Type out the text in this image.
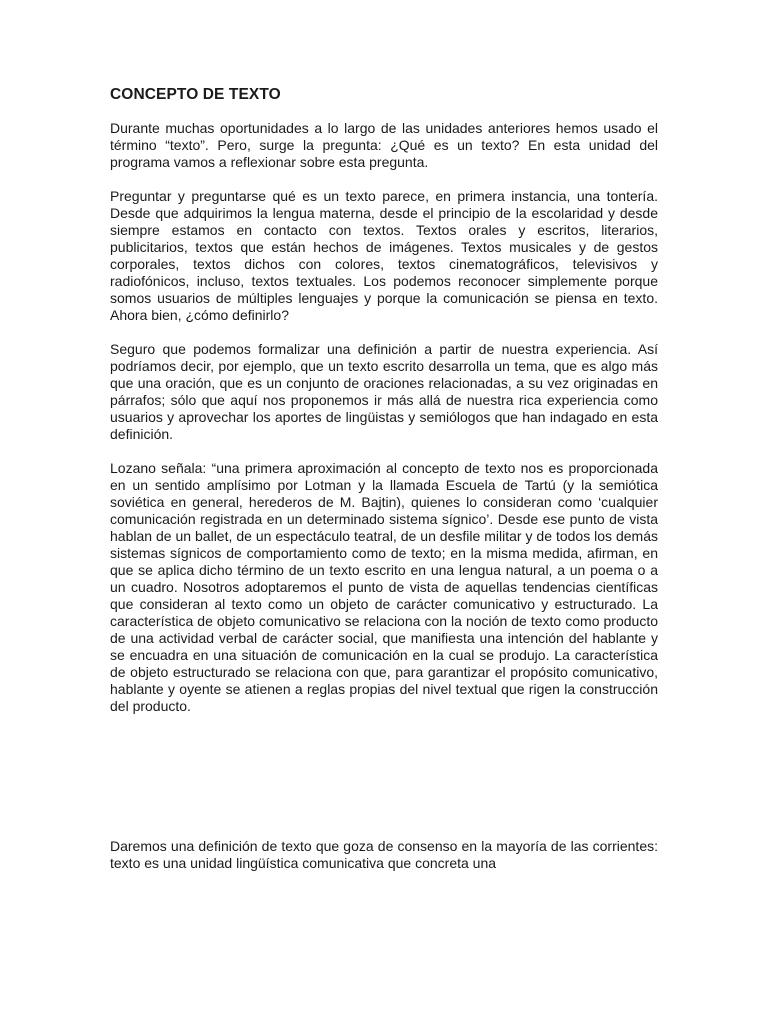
CONCEPTO DE TEXTO

Durante muchas oportunidades a lo largo de las unidades anteriores hemos usado el término “texto”. Pero, surge la pregunta: ¿Qué es un texto? En esta unidad del programa vamos a reflexionar sobre esta pregunta.

Preguntar y preguntarse qué es un texto parece, en primera instancia, una tontería. Desde que adquirimos la lengua materna, desde el principio de la escolaridad y desde siempre estamos en contacto con textos. Textos orales y escritos, literarios, publicitarios, textos que están hechos de imágenes. Textos musicales y de gestos corporales, textos dichos con colores, textos cinematográficos, televisivos y radiofónicos, incluso, textos textuales. Los podemos reconocer simplemente porque somos usuarios de múltiples lenguajes y porque la comunicación se piensa en texto. Ahora bien, ¿cómo definirlo?

Seguro que podemos formalizar una definición a partir de nuestra experiencia. Así podríamos decir, por ejemplo, que un texto escrito desarrolla un tema, que es algo más que una oración, que es un conjunto de oraciones relacionadas, a su vez originadas en párrafos; sólo que aquí nos proponemos ir más allá de nuestra rica experiencia como usuarios y aprovechar los aportes de lingüistas y semiólogos que han indagado en esta definición.

Lozano señala: “una primera aproximación al concepto de texto nos es proporcionada en un sentido amplísimo por Lotman y la llamada Escuela de Tartú (y la semiótica soviética en general, herederos de M. Bajtin), quienes lo consideran como ‘cualquier comunicación registrada en un determinado sistema sígnico’. Desde ese punto de vista hablan de un ballet, de un espectáculo teatral, de un desfile militar y de todos los demás sistemas sígnicos de comportamiento como de texto; en la misma medida, afirman, en que se aplica dicho término de un texto escrito en una lengua natural, a un poema o a un cuadro. Nosotros adoptaremos el punto de vista de aquellas tendencias científicas que consideran al texto como un objeto de carácter comunicativo y estructurado. La característica de objeto comunicativo se relaciona con la noción de texto como producto de una actividad verbal de carácter social, que manifiesta una intención del hablante y se encuadra en una situación de comunicación en la cual se produjo. La característica de objeto estructurado se relaciona con que, para garantizar el propósito comunicativo, hablante y oyente se atienen a reglas propias del nivel textual que rigen la construcción del producto.

Daremos una definición de texto que goza de consenso en la mayoría de las corrientes: texto es una unidad lingüística comunicativa que concreta una
